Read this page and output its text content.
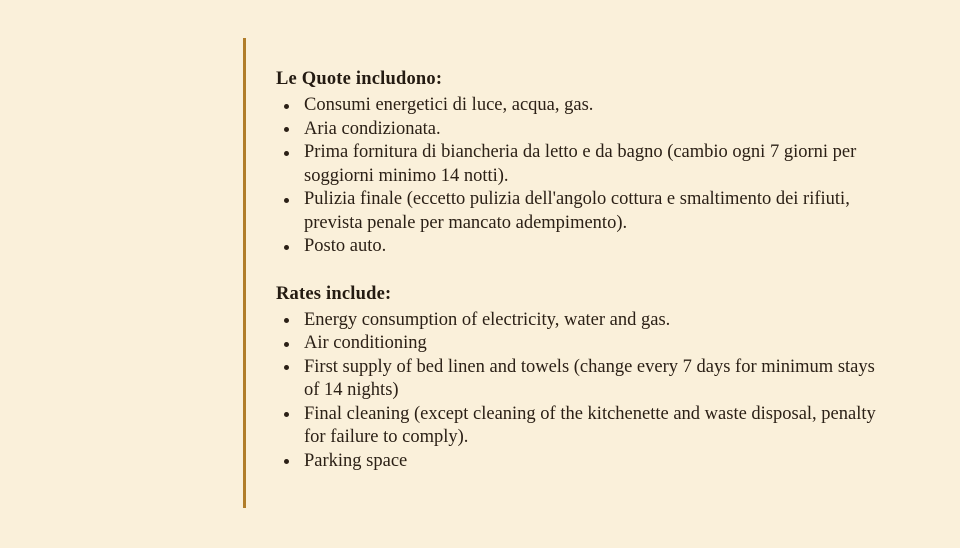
Le Quote includono:
Consumi energetici di luce, acqua, gas.
Aria condizionata.
Prima fornitura di biancheria da letto e da bagno (cambio ogni 7 giorni per soggiorni minimo 14 notti).
Pulizia finale (eccetto pulizia dell'angolo cottura e smaltimento dei rifiuti, prevista penale per mancato adempimento).
Posto auto.
Rates include:
Energy consumption of electricity, water and gas.
Air conditioning
First supply of bed linen and towels (change every 7 days for minimum stays of 14 nights)
Final cleaning (except cleaning of the kitchenette and waste disposal, penalty for failure to comply).
Parking space
